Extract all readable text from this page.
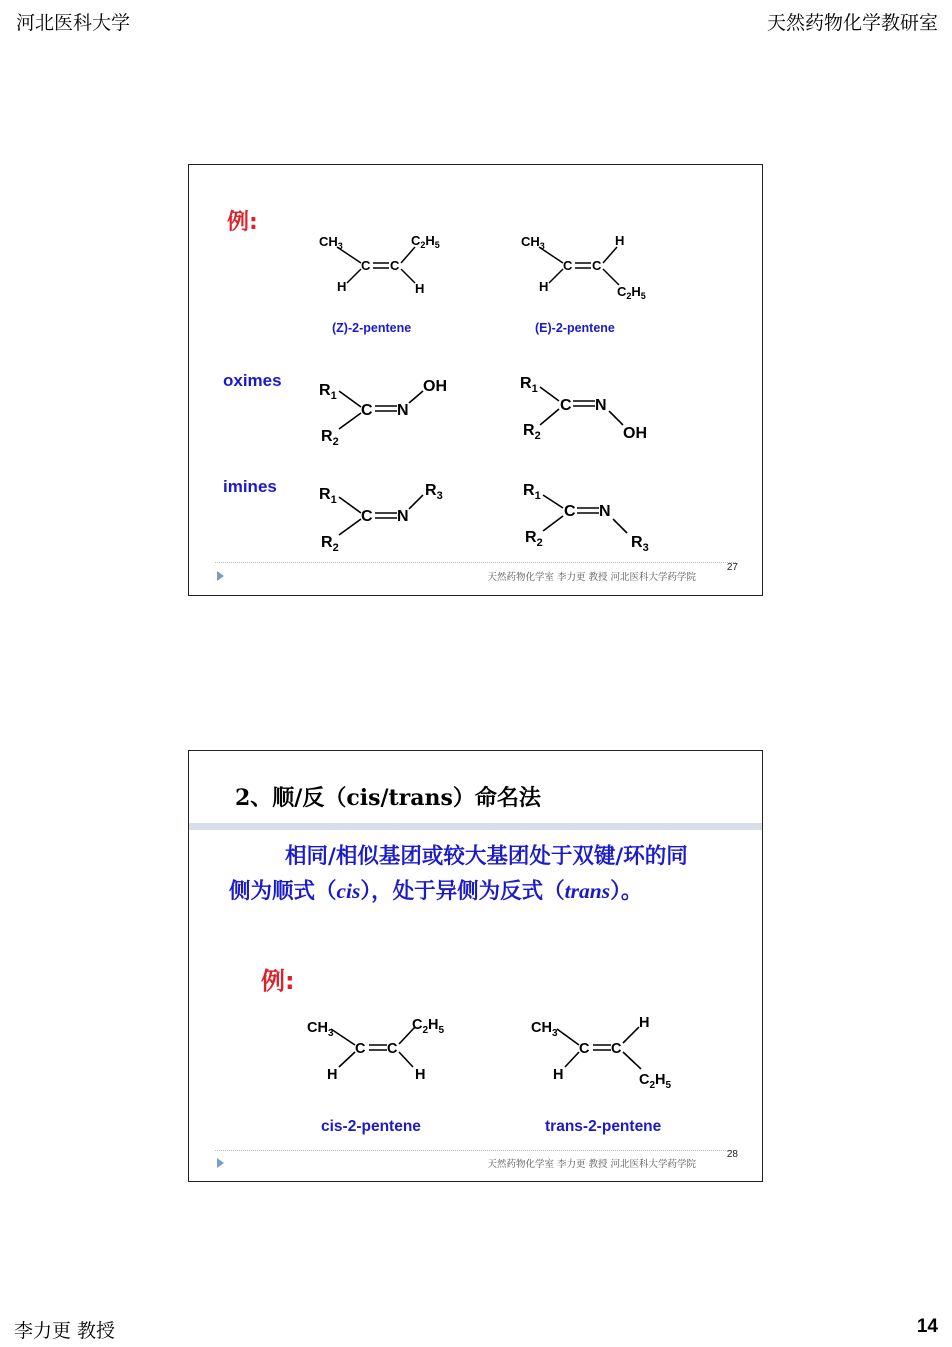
河北医科大学	天然药物化学教研室
例:
oximes
imines
$CH_3$	$C_2H_5$
C C
H	H
(Z)-2-pentene
$CH_3$	H
C C
H	$C_2H_5$
(E)-2-pentene
$R_1$
C N
OH
$R_2$
$R_1$
C N
$R_2$	OH
$R_1$
C N
$R_3$
$R_2$
$R_1$
C N
$R_2$	$R_3$
天然药物化学室 李力更 教授 河北医科大学药学院
27
2、顺/反（cis/trans）命名法
相同/相似基团或较大基团处于双键/环的同
侧为顺式（cis），处于异侧为反式（trans）。
例:
$CH_3$
$C_2H_5$
C C
H	H
cis-2-pentene
$CH_3$
H
C C
H	$C_2H_5$
trans-2-pentene
天然药物化学室 李力更 教授 河北医科大学药学院
28
李力更 教授	14
